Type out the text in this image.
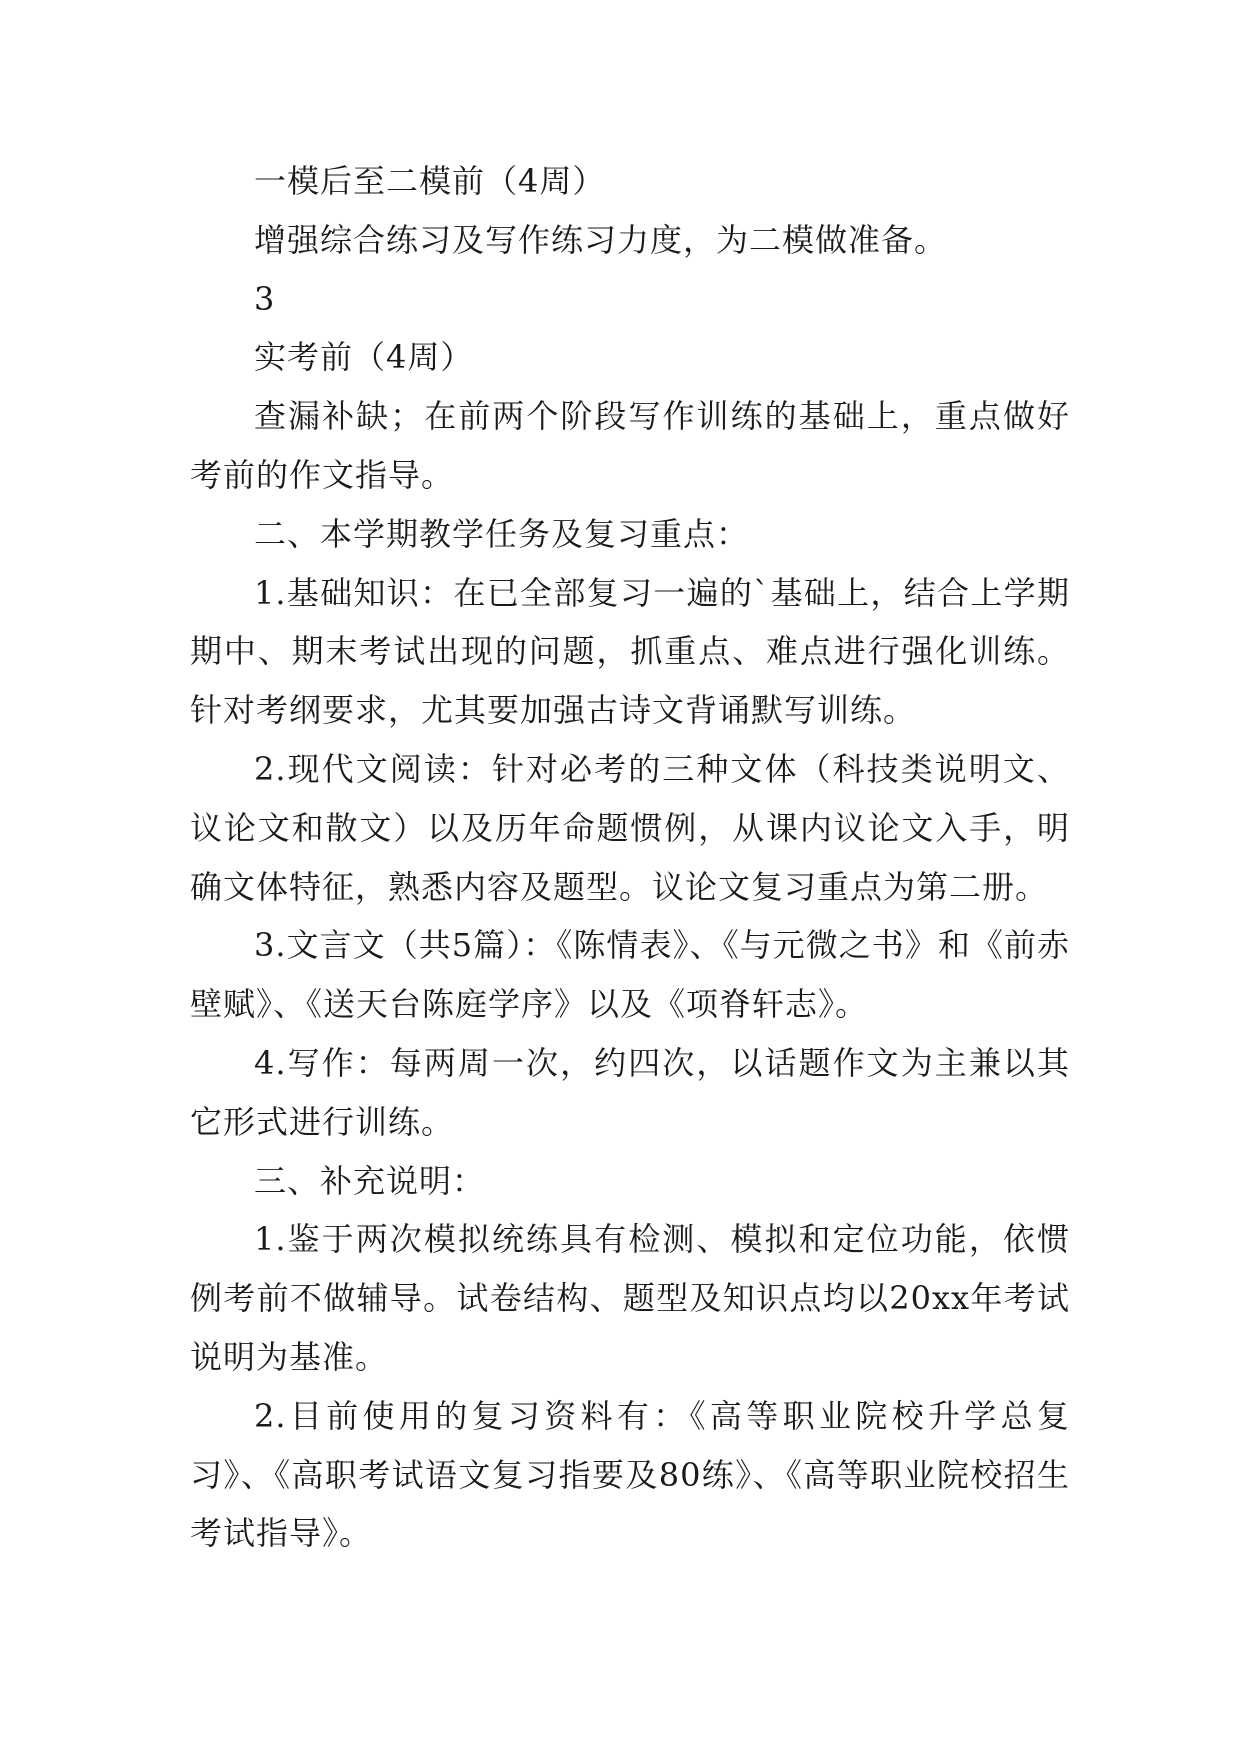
一模后至二模前（4周）

增强综合练习及写作练习力度，为二模做准备。

3

实考前（4周）

查漏补缺；在前两个阶段写作训练的基础上，重点做好考前的作文指导。

二、本学期教学任务及复习重点：

1.基础知识：在已全部复习一遍的`基础上，结合上学期期中、期末考试出现的问题，抓重点、难点进行强化训练。针对考纲要求，尤其要加强古诗文背诵默写训练。

2.现代文阅读：针对必考的三种文体（科技类说明文、议论文和散文）以及历年命题惯例，从课内议论文入手，明确文体特征，熟悉内容及题型。议论文复习重点为第二册。

3.文言文（共5篇）：《陈情表》、《与元微之书》和《前赤壁赋》、《送天台陈庭学序》以及《项脊轩志》。

4.写作：每两周一次，约四次，以话题作文为主兼以其它形式进行训练。

三、补充说明：

1.鉴于两次模拟统练具有检测、模拟和定位功能，依惯例考前不做辅导。试卷结构、题型及知识点均以20xx年考试说明为基准。

2.目前使用的复习资料有：《高等职业院校升学总复习》、《高职考试语文复习指要及80练》、《高等职业院校招生考试指导》。
